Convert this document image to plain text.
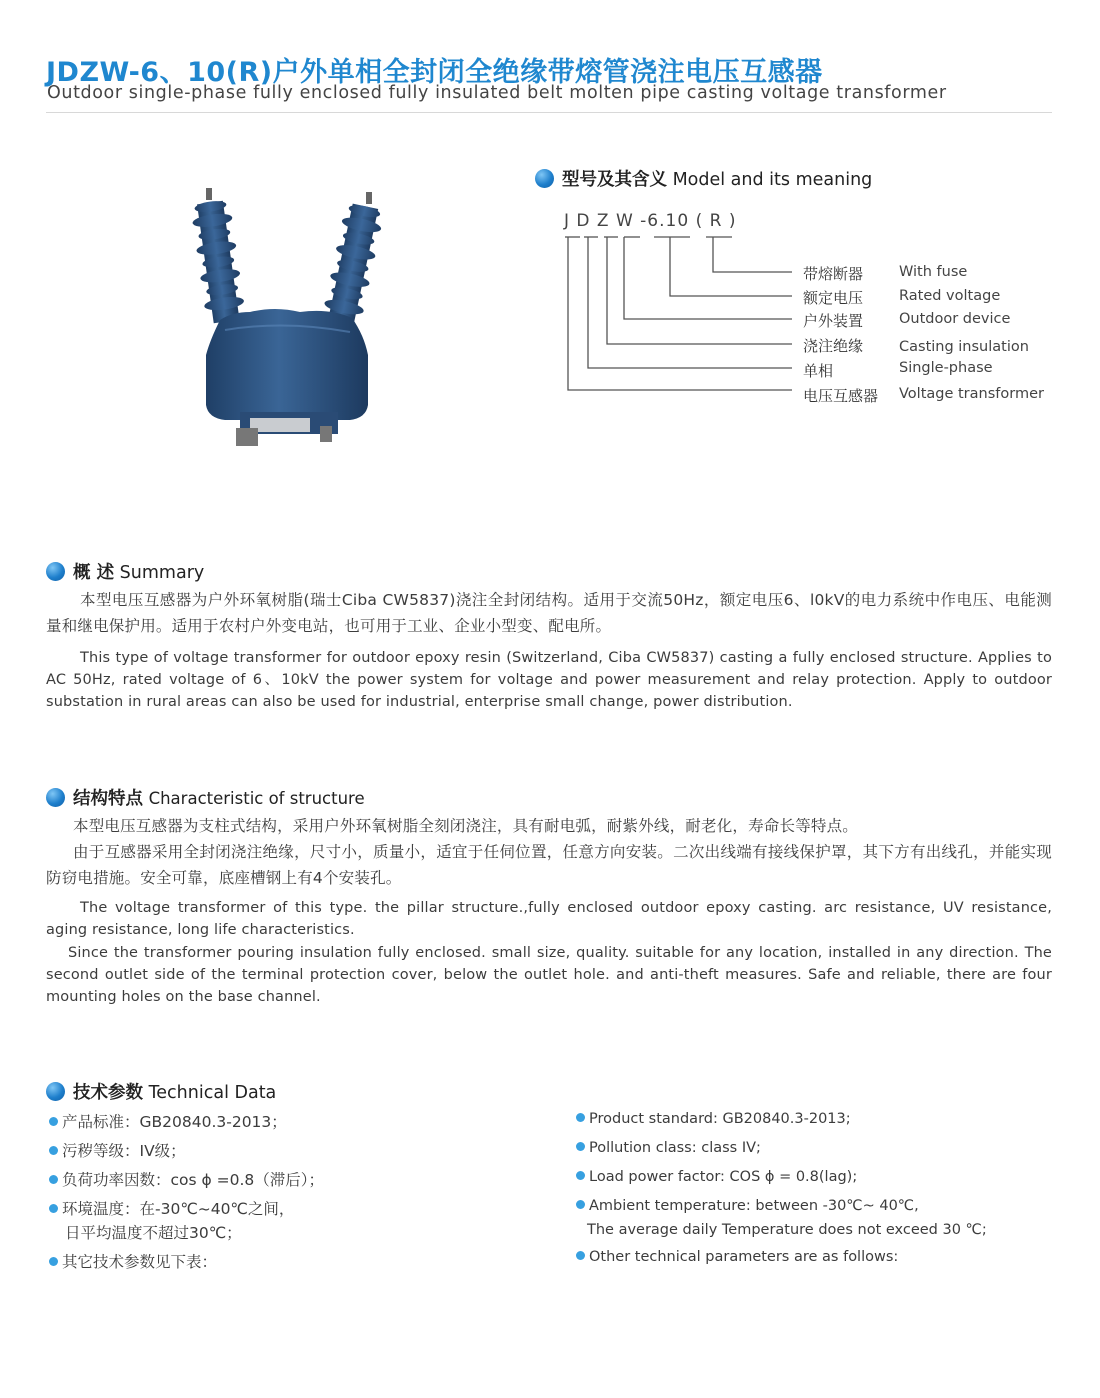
JDZW-6、10(R)户外单相全封闭全绝缘带熔管浇注电压互感器
Outdoor single-phase fully enclosed fully insulated belt molten pipe casting voltage transformer
型号及其含义 Model and its meaning
J D Z W -6.10 ( R )
带熔断器 With fuse
额定电压 Rated voltage
户外装置 Outdoor device
浇注绝缘 Casting insulation
单相	Single-phase
电压互感器 Voltage transformer
概 述 Summary
本型电压互感器为户外环氧树脂(瑞士Ciba CW5837)浇注全封闭结构。适用于交流50Hz，额定电压6、l0kV的电力系统中作电压、电能测量和继电保护用。适用于农村户外变电站，也可用于工业、企业小型变、配电所。
This type of voltage transformer for outdoor epoxy resin (Switzerland, Ciba CW5837) casting a fully enclosed structure. Applies to AC 50Hz, rated voltage of 6、10kV the power system for voltage and power measurement and relay protection. Apply to outdoor substation in rural areas can also be used for industrial, enterprise small change, power distribution.
结构特点 Characteristic of structure
本型电压互感器为支柱式结构，采用户外环氧树脂全刻闭浇注，具有耐电弧，耐紫外线，耐老化，寿命长等特点。
由于互感器采用全封闭浇注绝缘，尺寸小，质量小，适宜于任伺位置，任意方向安装。二次出线端有接线保护罩，其下方有出线孔，并能实现防窃电措施。安全可靠，底座槽钢上有4个安装孔。
The voltage transformer of this type. the pillar structure.,fully enclosed outdoor epoxy casting. arc resistance, UV resistance, aging resistance, long life characteristics.
Since the transformer pouring insulation fully enclosed. small size, quality. suitable for any location, installed in any direction. The second outlet side of the terminal protection cover, below the outlet hole. and anti-theft measures. Safe and reliable, there are four mounting holes on the base channel.
技术参数 Technical Data
产品标准：GB20840.3-2013；
污秽等级：IV级；
负荷功率因数：cos ϕ =0.8（滞后）；
环境温度：在-30℃~40℃之间，
日平均温度不超过30℃；
其它技术参数见下表：
Product standard: GB20840.3-2013;
Pollution class: class IV;
Load power factor: COS ϕ = 0.8(lag);
Ambient temperature: between -30℃~ 40℃,
The average daily Temperature does not exceed 30 ℃;
Other technical parameters are as follows:
